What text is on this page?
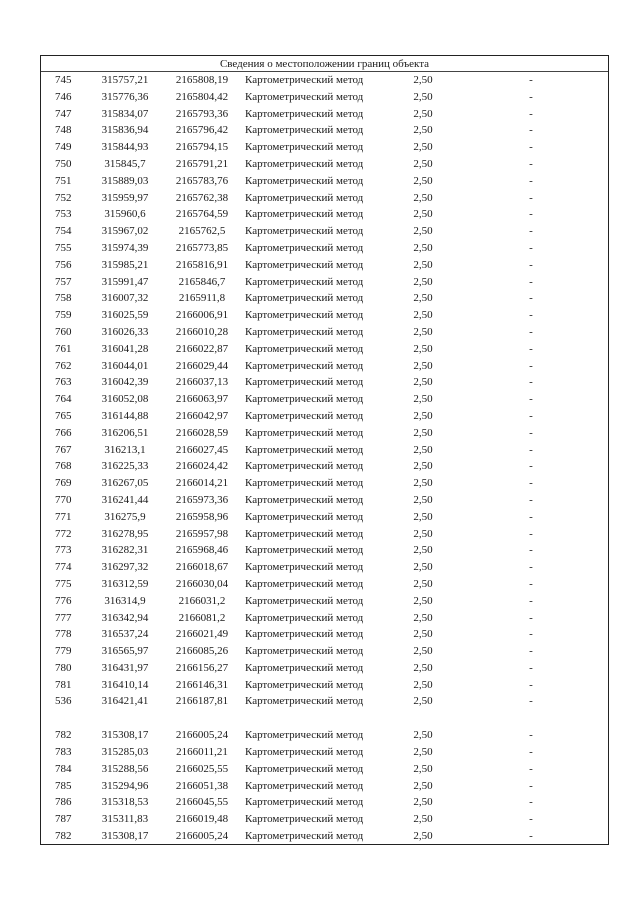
Сведения о местоположении границ объекта
745	315757,21	2165808,19	Картометрический метод	2,50	-
746	315776,36	2165804,42	Картометрический метод	2,50	-
747	315834,07	2165793,36	Картометрический метод	2,50	-
748	315836,94	2165796,42	Картометрический метод	2,50	-
749	315844,93	2165794,15	Картометрический метод	2,50	-
750	315845,7	2165791,21	Картометрический метод	2,50	-
751	315889,03	2165783,76	Картометрический метод	2,50	-
752	315959,97	2165762,38	Картометрический метод	2,50	-
753	315960,6	2165764,59	Картометрический метод	2,50	-
754	315967,02	2165762,5	Картометрический метод	2,50	-
755	315974,39	2165773,85	Картометрический метод	2,50	-
756	315985,21	2165816,91	Картометрический метод	2,50	-
757	315991,47	2165846,7	Картометрический метод	2,50	-
758	316007,32	2165911,8	Картометрический метод	2,50	-
759	316025,59	2166006,91	Картометрический метод	2,50	-
760	316026,33	2166010,28	Картометрический метод	2,50	-
761	316041,28	2166022,87	Картометрический метод	2,50	-
762	316044,01	2166029,44	Картометрический метод	2,50	-
763	316042,39	2166037,13	Картометрический метод	2,50	-
764	316052,08	2166063,97	Картометрический метод	2,50	-
765	316144,88	2166042,97	Картометрический метод	2,50	-
766	316206,51	2166028,59	Картометрический метод	2,50	-
767	316213,1	2166027,45	Картометрический метод	2,50	-
768	316225,33	2166024,42	Картометрический метод	2,50	-
769	316267,05	2166014,21	Картометрический метод	2,50	-
770	316241,44	2165973,36	Картометрический метод	2,50	-
771	316275,9	2165958,96	Картометрический метод	2,50	-
772	316278,95	2165957,98	Картометрический метод	2,50	-
773	316282,31	2165968,46	Картометрический метод	2,50	-
774	316297,32	2166018,67	Картометрический метод	2,50	-
775	316312,59	2166030,04	Картометрический метод	2,50	-
776	316314,9	2166031,2	Картометрический метод	2,50	-
777	316342,94	2166081,2	Картометрический метод	2,50	-
778	316537,24	2166021,49	Картометрический метод	2,50	-
779	316565,97	2166085,26	Картометрический метод	2,50	-
780	316431,97	2166156,27	Картометрический метод	2,50	-
781	316410,14	2166146,31	Картометрический метод	2,50	-
536	316421,41	2166187,81	Картометрический метод	2,50	-
782	315308,17	2166005,24	Картометрический метод	2,50	-
783	315285,03	2166011,21	Картометрический метод	2,50	-
784	315288,56	2166025,55	Картометрический метод	2,50	-
785	315294,96	2166051,38	Картометрический метод	2,50	-
786	315318,53	2166045,55	Картометрический метод	2,50	-
787	315311,83	2166019,48	Картометрический метод	2,50	-
782	315308,17	2166005,24	Картометрический метод	2,50	-
